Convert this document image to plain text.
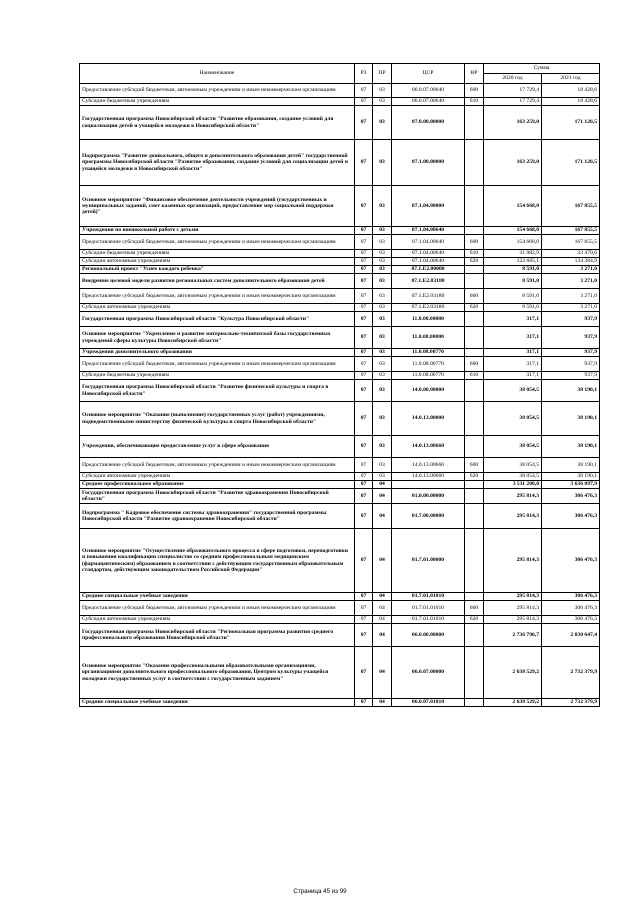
Наименование	РЗ	ПР	ЦСР	ВР	Сумма	
					2020 год	2021 год
Предоставление субсидий бюджетным, автономным учреждениям и иным некоммерческим организациям	07	03	06.0.07.00640	600	17 729,4	18 428,6
Субсидии бюджетным учреждениям	07	03	06.0.07.00640	610	17 729,4	18 428,6
Государственная программа Новосибирской области "Развитие образования, создание условий для социализации детей и учащейся молодежи в Новосибирской области"	07	03	07.0.00.00000		163 259,0	171 126,5
Подпрограмма "Развитие дошкольного, общего и дополнительного образования детей" государственной программы Новосибирской области "Развитие образования, создание условий для социализации детей и учащейся молодежи в Новосибирской области"	07	03	07.1.00.00000		163 259,0	171 126,5
Основное мероприятие "Финансовое обеспечение деятельности учреждений (государственных и муниципальных заданий, смет казенных организаций, предоставление мер социальной поддержки детей)"	07	03	07.1.04.00000		154 668,0	167 855,5
Учреждения по внешкольной работе с детьми	07	03	07.1.04.00640		154 668,0	167 855,5
Предоставление субсидий бюджетным, автономным учреждениям и иным некоммерческим организациям	07	03	07.1.04.00640	600	154 668,0	167 855,5
Субсидии бюджетным учреждениям	07	03	07.1.04.00640	610	31 982,9	33 470,6
Субсидии автономным учреждениям	07	03	07.1.04.00640	620	122 685,1	134 384,9
Региональный проект "Успех каждого ребенка"	07	03	07.1.E2.00000		8 591,0	3 271,0
Внедрение целевой модели развития региональных систем дополнительного образования детей	07	03	07.1.E2.03180		8 591,0	3 271,0
Предоставление субсидий бюджетным, автономным учреждениям и иным некоммерческим организациям	07	03	07.1.E2.03180	600	8 591,0	3 271,0
Субсидии автономным учреждениям	07	03	07.1.E2.03180	620	8 591,0	3 271,0
Государственная программа Новосибирской области "Культура Новосибирской области"	07	03	11.0.00.00000		317,1	937,9
Основное мероприятие "Укрепление и развитие материально-технической базы государственных учреждений сферы культуры Новосибирской области"	07	03	11.0.08.00000		317,1	937,9
Учреждения дополнительного образования	07	03	11.0.08.00770		317,1	937,9
Предоставление субсидий бюджетным, автономным учреждениям и иным некоммерческим организациям	07	03	11.0.08.00770	600	317,1	937,9
Субсидии бюджетным учреждениям	07	03	11.0.08.00770	610	317,1	937,9
Государственная программа Новосибирской области "Развитие физической культуры и спорта в Новосибирской области"	07	03	14.0.00.00000		38 054,5	38 190,1
Основное мероприятие "Оказание (выполнение) государственных услуг (работ) учреждениями, подведомственными министерству физической культуры и спорта Новосибирской области"	07	03	14.0.13.00000		38 054,5	38 190,1
Учреждения, обеспечивающие предоставление услуг в сфере образования	07	03	14.0.13.00660		38 054,5	38 190,1
Предоставление субсидий бюджетным, автономным учреждениям и иным некоммерческим организациям	07	03	14.0.13.00660	600	38 054,5	38 190,1
Субсидии автономным учреждениям	07	03	14.0.13.00660	620	38 054,5	38 190,1
Среднее профессиональное образование	07	04			3 511 208,0	3 636 897,9
Государственная программа Новосибирской области "Развитие здравоохранения Новосибирской области"	07	04	01.0.00.00000		295 814,3	306 476,3
Подпрограмма " Кадровое обеспечение системы здравоохранения" государственной программы Новосибирской области "Развитие здравоохранения Новосибирской области"	07	04	01.7.00.00000		295 814,3	306 476,3
Основное мероприятие "Осуществление образовательного процесса в сфере подготовки, переподготовки и повышения квалификации специалистов со средним профессиональным медицинским (фармацевтическим) образованием в соответствии с действующим государственным образовательным стандартом, действующим законодательством Российской Федерации"	07	04	01.7.01.00000		295 814,3	306 476,3
Средние специальные учебные заведения	07	04	01.7.01.01010		295 814,3	306 476,3
Предоставление субсидий бюджетным, автономным учреждениям и иным некоммерческим организациям	07	04	01.7.01.01010	600	295 814,3	306 476,3
Субсидии автономным учреждениям	07	04	01.7.01.01010	620	295 814,3	306 476,3
Государственная программа Новосибирской области "Региональная программа развития среднего профессионального образования Новосибирской области"	07	04	06.0.00.00000		2 736 796,7	2 830 647,4
Основное мероприятие "Оказание профессиональными образовательными организациями, организациями дополнительного профессионального образования, Центром культуры учащейся молодежи государственных услуг в соответствии с государственным заданием"	07	04	06.0.07.00000		2 638 529,2	2 732 379,9
Средние специальные учебные заведения	07	04	06.0.07.01010		2 638 529,2	2 732 379,9
Страница 45 из 99
